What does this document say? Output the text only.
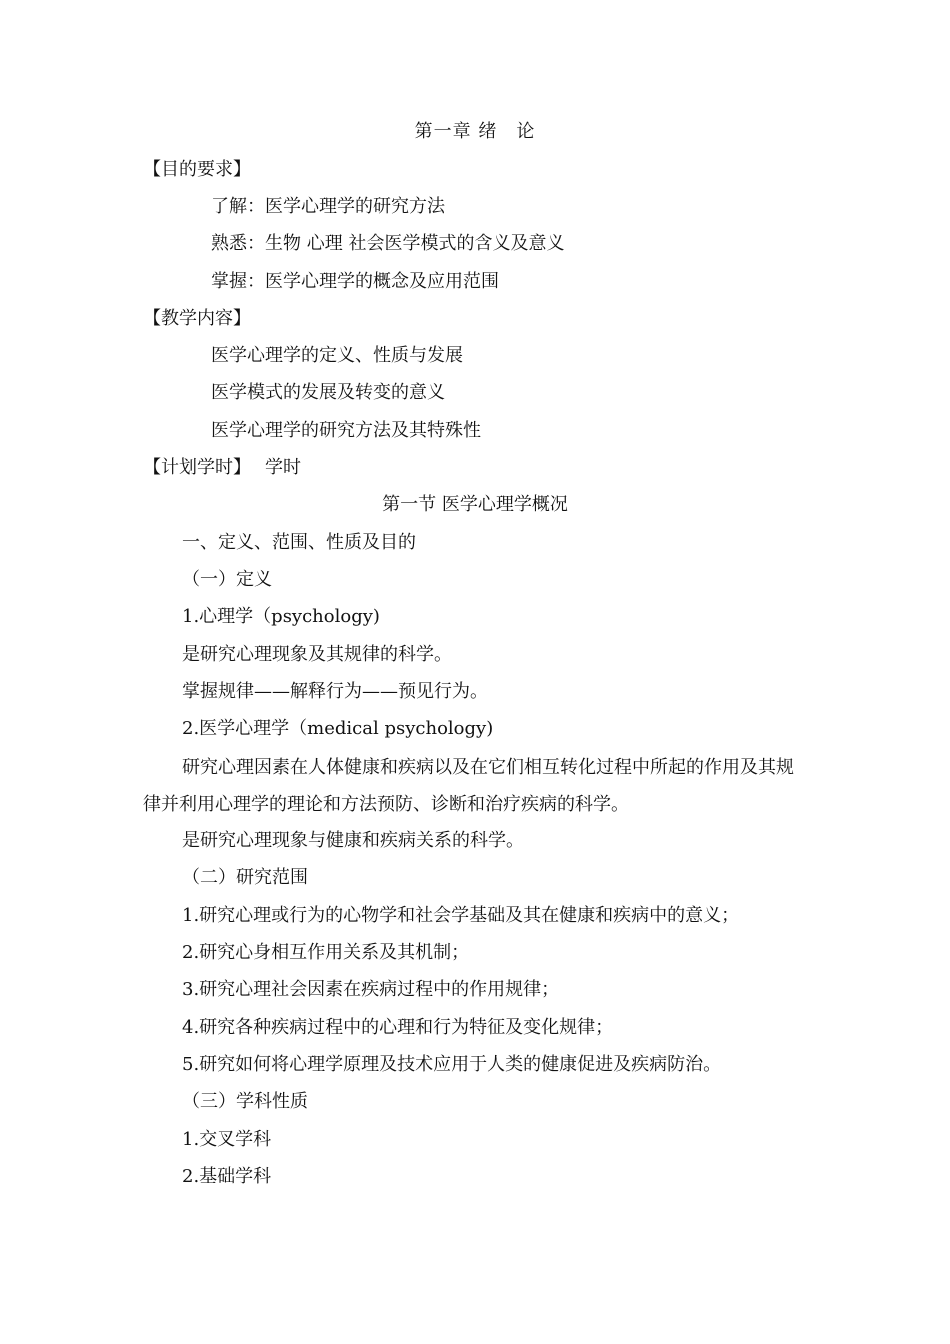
第一章 绪　论
【目的要求】
了解：医学心理学的研究方法
熟悉：生物 心理 社会医学模式的含义及意义
掌握：医学心理学的概念及应用范围
【教学内容】
医学心理学的定义、性质与发展
医学模式的发展及转变的意义
医学心理学的研究方法及其特殊性
【计划学时】 学时
第一节 医学心理学概况
一、定义、范围、性质及目的
（一）定义
1.心理学（psychology)
是研究心理现象及其规律的科学。
掌握规律——解释行为——预见行为。
2.医学心理学（medical psychology)
研究心理因素在人体健康和疾病以及在它们相互转化过程中所起的作用及其规律并利用心理学的理论和方法预防、诊断和治疗疾病的科学。
是研究心理现象与健康和疾病关系的科学。
（二）研究范围
1.研究心理或行为的心物学和社会学基础及其在健康和疾病中的意义；
2.研究心身相互作用关系及其机制；
3.研究心理社会因素在疾病过程中的作用规律；
4.研究各种疾病过程中的心理和行为特征及变化规律；
5.研究如何将心理学原理及技术应用于人类的健康促进及疾病防治。
（三）学科性质
1.交叉学科
2.基础学科
